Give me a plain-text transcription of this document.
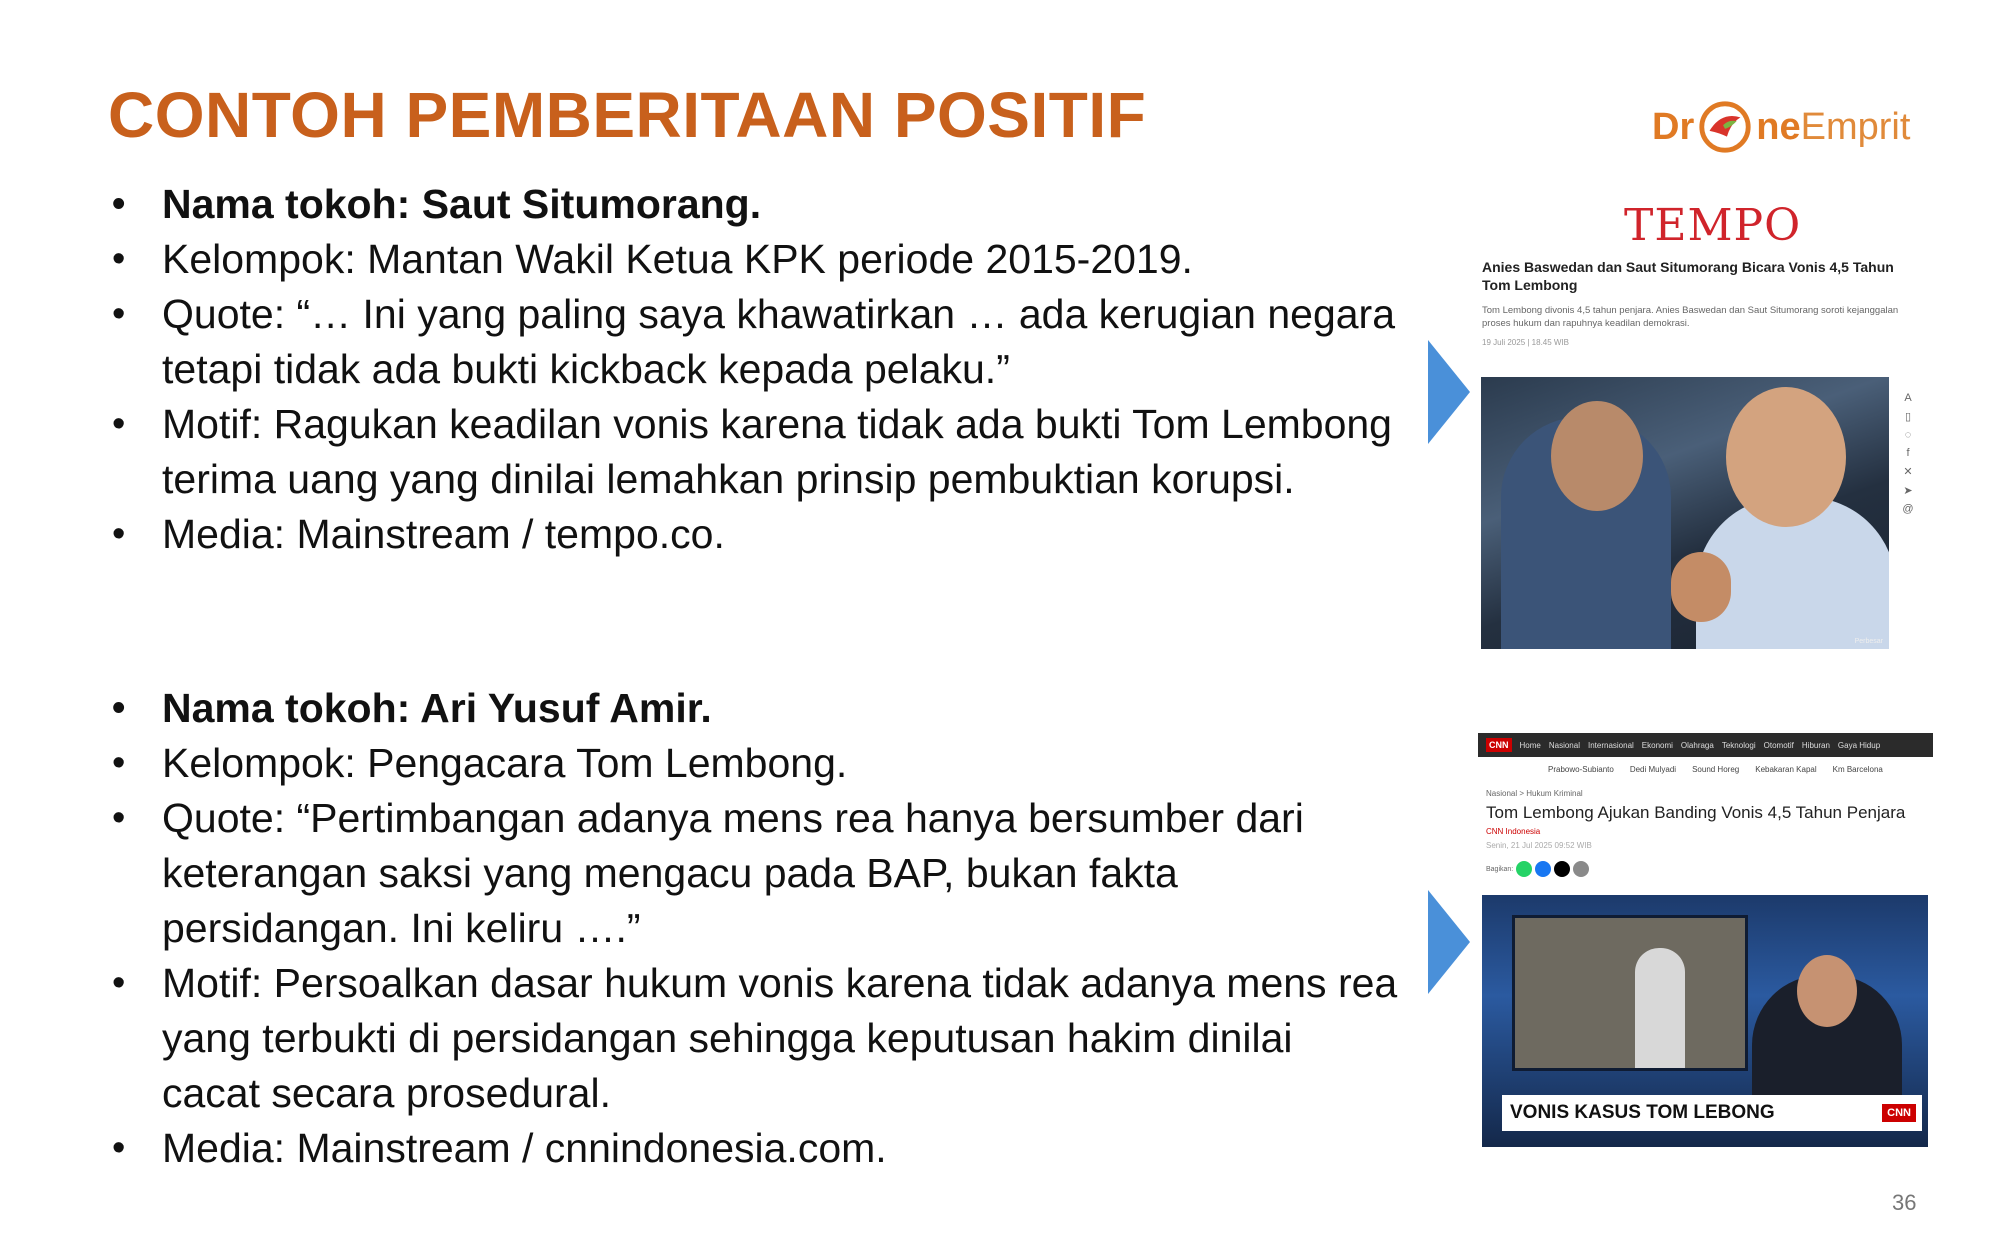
CONTOH PEMBERITAAN POSITIF	Dr ne Emprit
• Nama tokoh: Saut Situmorang.
• Kelompok: Mantan Wakil Ketua KPK periode 2015-2019.
• Quote: “… Ini yang paling saya khawatirkan … ada kerugian negara tetapi tidak ada bukti kickback kepada pelaku.”
• Motif: Ragukan keadilan vonis karena tidak ada bukti Tom Lembong terima uang yang dinilai lemahkan prinsip pembuktian korupsi.
• Media: Mainstream / tempo.co.
• Nama tokoh: Ari Yusuf Amir.
• Kelompok: Pengacara Tom Lembong.
• Quote: “Pertimbangan adanya mens rea hanya bersumber dari keterangan saksi yang mengacu pada BAP, bukan fakta persidangan. Ini keliru ….”
• Motif: Persoalkan dasar hukum vonis karena tidak adanya mens rea yang terbukti di persidangan sehingga keputusan hakim dinilai cacat secara prosedural.
• Media: Mainstream / cnnindonesia.com.
TEMPO
Anies Baswedan dan Saut Situmorang Bicara Vonis 4,5 Tahun Tom Lembong
Tom Lembong divonis 4,5 tahun penjara. Anies Baswedan dan Saut Situmorang soroti kejanggalan proses hukum dan rapuhnya keadilan demokrasi.
19 Juli 2025 | 18.45 WIB
Perbesar
A
▯
◌
f
✕
➤
@
CNN	Home Nasional Internasional Ekonomi Olahraga Teknologi Otomotif Hiburan Gaya Hidup
Prabowo-Subianto Dedi Mulyadi Sound Horeg Kebakaran Kapal Km Barcelona
Nasional > Hukum Kriminal
Tom Lembong Ajukan Banding Vonis 4,5 Tahun Penjara
CNN Indonesia
Senin, 21 Jul 2025 09:52 WIB
Bagikan:
VONIS KASUS TOM LEBONG	CNN
36
